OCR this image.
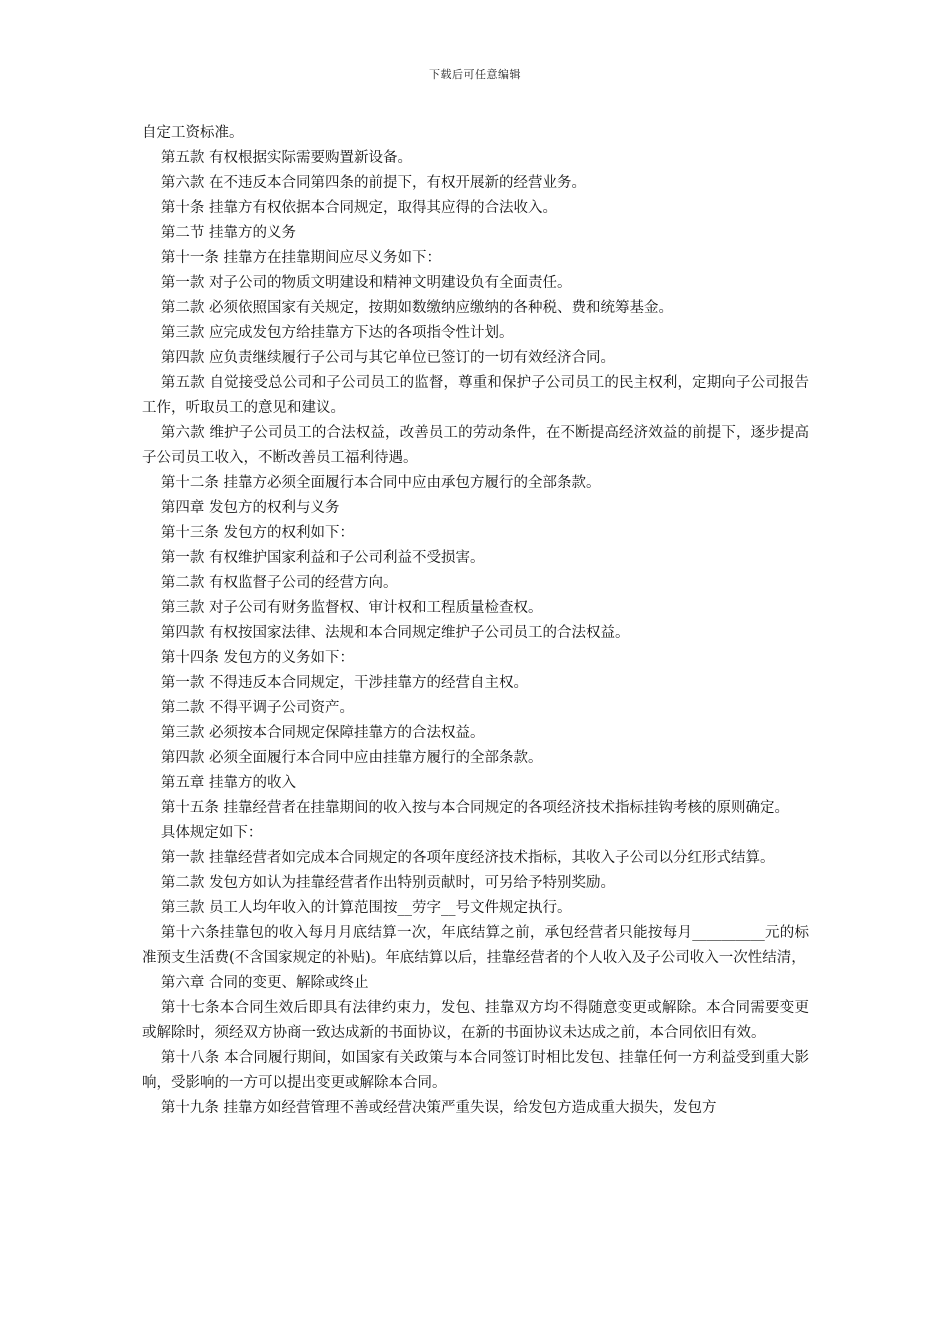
下载后可任意编辑

自定工资标准。

第五款 有权根据实际需要购置新设备。

第六款 在不违反本合同第四条的前提下，有权开展新的经营业务。

第十条 挂靠方有权依据本合同规定，取得其应得的合法收入。

第二节 挂靠方的义务

第十一条 挂靠方在挂靠期间应尽义务如下：

第一款 对子公司的物质文明建设和精神文明建设负有全面责任。

第二款 必须依照国家有关规定，按期如数缴纳应缴纳的各种税、费和统筹基金。

第三款 应完成发包方给挂靠方下达的各项指令性计划。

第四款 应负责继续履行子公司与其它单位已签订的一切有效经济合同。

第五款 自觉接受总公司和子公司员工的监督，尊重和保护子公司员工的民主权利，定期向子公司报告工作，听取员工的意见和建议。

第六款 维护子公司员工的合法权益，改善员工的劳动条件，在不断提高经济效益的前提下，逐步提高子公司员工收入，不断改善员工福利待遇。

第十二条 挂靠方必须全面履行本合同中应由承包方履行的全部条款。

第四章 发包方的权利与义务

第十三条 发包方的权利如下：

第一款 有权维护国家利益和子公司利益不受损害。

第二款 有权监督子公司的经营方向。

第三款 对子公司有财务监督权、审计权和工程质量检查权。

第四款 有权按国家法律、法规和本合同规定维护子公司员工的合法权益。

第十四条 发包方的义务如下：

第一款 不得违反本合同规定，干涉挂靠方的经营自主权。

第二款 不得平调子公司资产。

第三款 必须按本合同规定保障挂靠方的合法权益。

第四款 必须全面履行本合同中应由挂靠方履行的全部条款。

第五章 挂靠方的收入

第十五条 挂靠经营者在挂靠期间的收入按与本合同规定的各项经济技术指标挂钩考核的原则确定。

具体规定如下：

第一款 挂靠经营者如完成本合同规定的各项年度经济技术指标，其收入子公司以分红形式结算。

第二款 发包方如认为挂靠经营者作出特别贡献时，可另给予特别奖励。

第三款 员工人均年收入的计算范围按__劳字__号文件规定执行。

第十六条挂靠包的收入每月月底结算一次，年底结算之前，承包经营者只能按每月__________元的标准预支生活费(不含国家规定的补贴)。年底结算以后，挂靠经营者的个人收入及子公司收入一次性结清，

第六章 合同的变更、解除或终止

第十七条本合同生效后即具有法律约束力，发包、挂靠双方均不得随意变更或解除。本合同需要变更或解除时，须经双方协商一致达成新的书面协议，在新的书面协议未达成之前，本合同依旧有效。

第十八条 本合同履行期间，如国家有关政策与本合同签订时相比发包、挂靠任何一方利益受到重大影响，受影响的一方可以提出变更或解除本合同。

第十九条 挂靠方如经营管理不善或经营决策严重失误，给发包方造成重大损失，发包方
